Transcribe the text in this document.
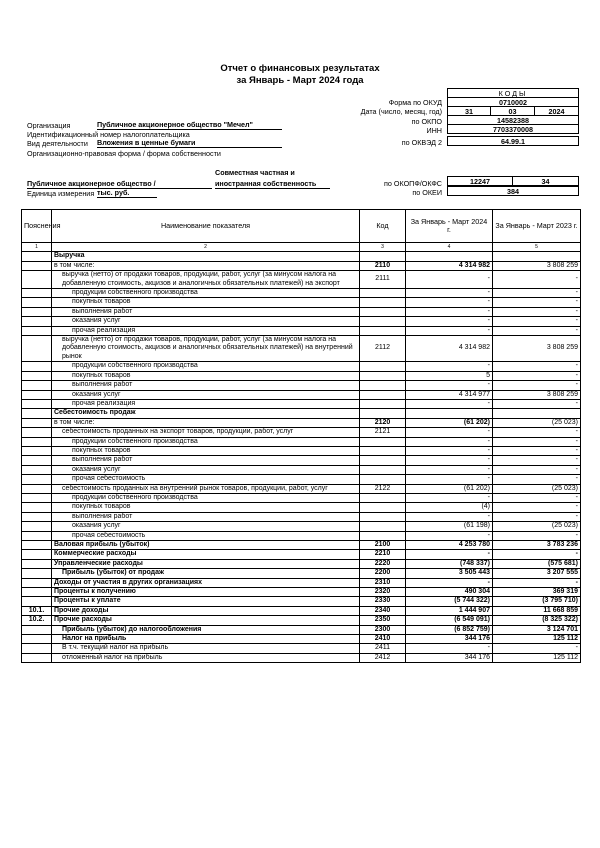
Отчет о финансовых результатах
за Январь - Март 2024 года
КОДЫ
Форма по ОКУД	0710002
Дата (число, месяц, год)	31	03	2024
Организация	Публичное акционерное общество "Мечел"	по ОКПО	14582388
Идентификационный номер налогоплательщика	ИНН	7703370008
Вид деятельности Вложения в ценные бумаги	по ОКВЭД 2	64.99.1
Организационно-правовая форма / форма собственности
Совместная частная и
Публичное акционерное общество /	иностранная собственность	по ОКОПФ/ОКФС	12247	34
Единица измерения тыс. руб.	по ОКЕИ	384
Пояснения	Наименование показателя	Код	За Январь - Март 2024 г.	За Январь - Март 2023 г.
1	2	3	4	5
	Выручка			
	в том числе:	2110	4 314 982	3 808 259
	выручка (нетто) от продажи товаров, продукции, работ, услуг (за минусом налога на добавленную стоимость, акцизов и аналогичных обязательных платежей) на экспорт	2111	-	-
	продукции собственного производства		-	-
	покупных товаров		-	-
	выполнения работ		-	-
	оказания услуг		-	-
	прочая реализация		-	-
	выручка (нетто) от продажи товаров, продукции, работ, услуг (за минусом налога на добавленную стоимость, акцизов и аналогичных обязательных платежей) на внутренний рынок	2112	4 314 982	3 808 259
	продукции собственного производства		-	-
	покупных товаров		5	-
	выполнения работ		-	-
	оказания услуг		4 314 977	3 808 259
	прочая реализация		-	-
	Себестоимость продаж			
	в том числе:	2120	(61 202)	(25 023)
	себестоимость проданных на экспорт товаров, продукции, работ, услуг	2121	-	-
	продукции собственного производства		-	-
	покупных товаров		-	-
	выполнения работ		-	-
	оказания услуг		-	-
	прочая себестоимость		-	-
	себестоимость проданных на внутренний рынок товаров, продукции, работ, услуг	2122	(61 202)	(25 023)
	продукции собственного производства		-	-
	покупных товаров		(4)	-
	выполнения работ		-	-
	оказания услуг		(61 198)	(25 023)
	прочая себестоимость		-	-
	Валовая прибыль (убыток)	2100	4 253 780	3 783 236
	Коммерческие расходы	2210	-	-
	Управленческие расходы	2220	(748 337)	(575 681)
	Прибыль (убыток) от продаж	2200	3 505 443	3 207 555
	Доходы от участия в других организациях	2310	-	-
	Проценты к получению	2320	490 304	369 319
	Проценты к уплате	2330	(5 744 322)	(3 795 710)
10.1.	Прочие доходы	2340	1 444 907	11 668 859
10.2.	Прочие расходы	2350	(6 549 091)	(8 325 322)
	Прибыль (убыток) до налогообложения	2300	(6 852 759)	3 124 701
	Налог на прибыль	2410	344 176	125 112
	В т.ч. текущий налог на прибыль	2411	-	-
	отложенный налог на прибыль	2412	344 176	125 112
